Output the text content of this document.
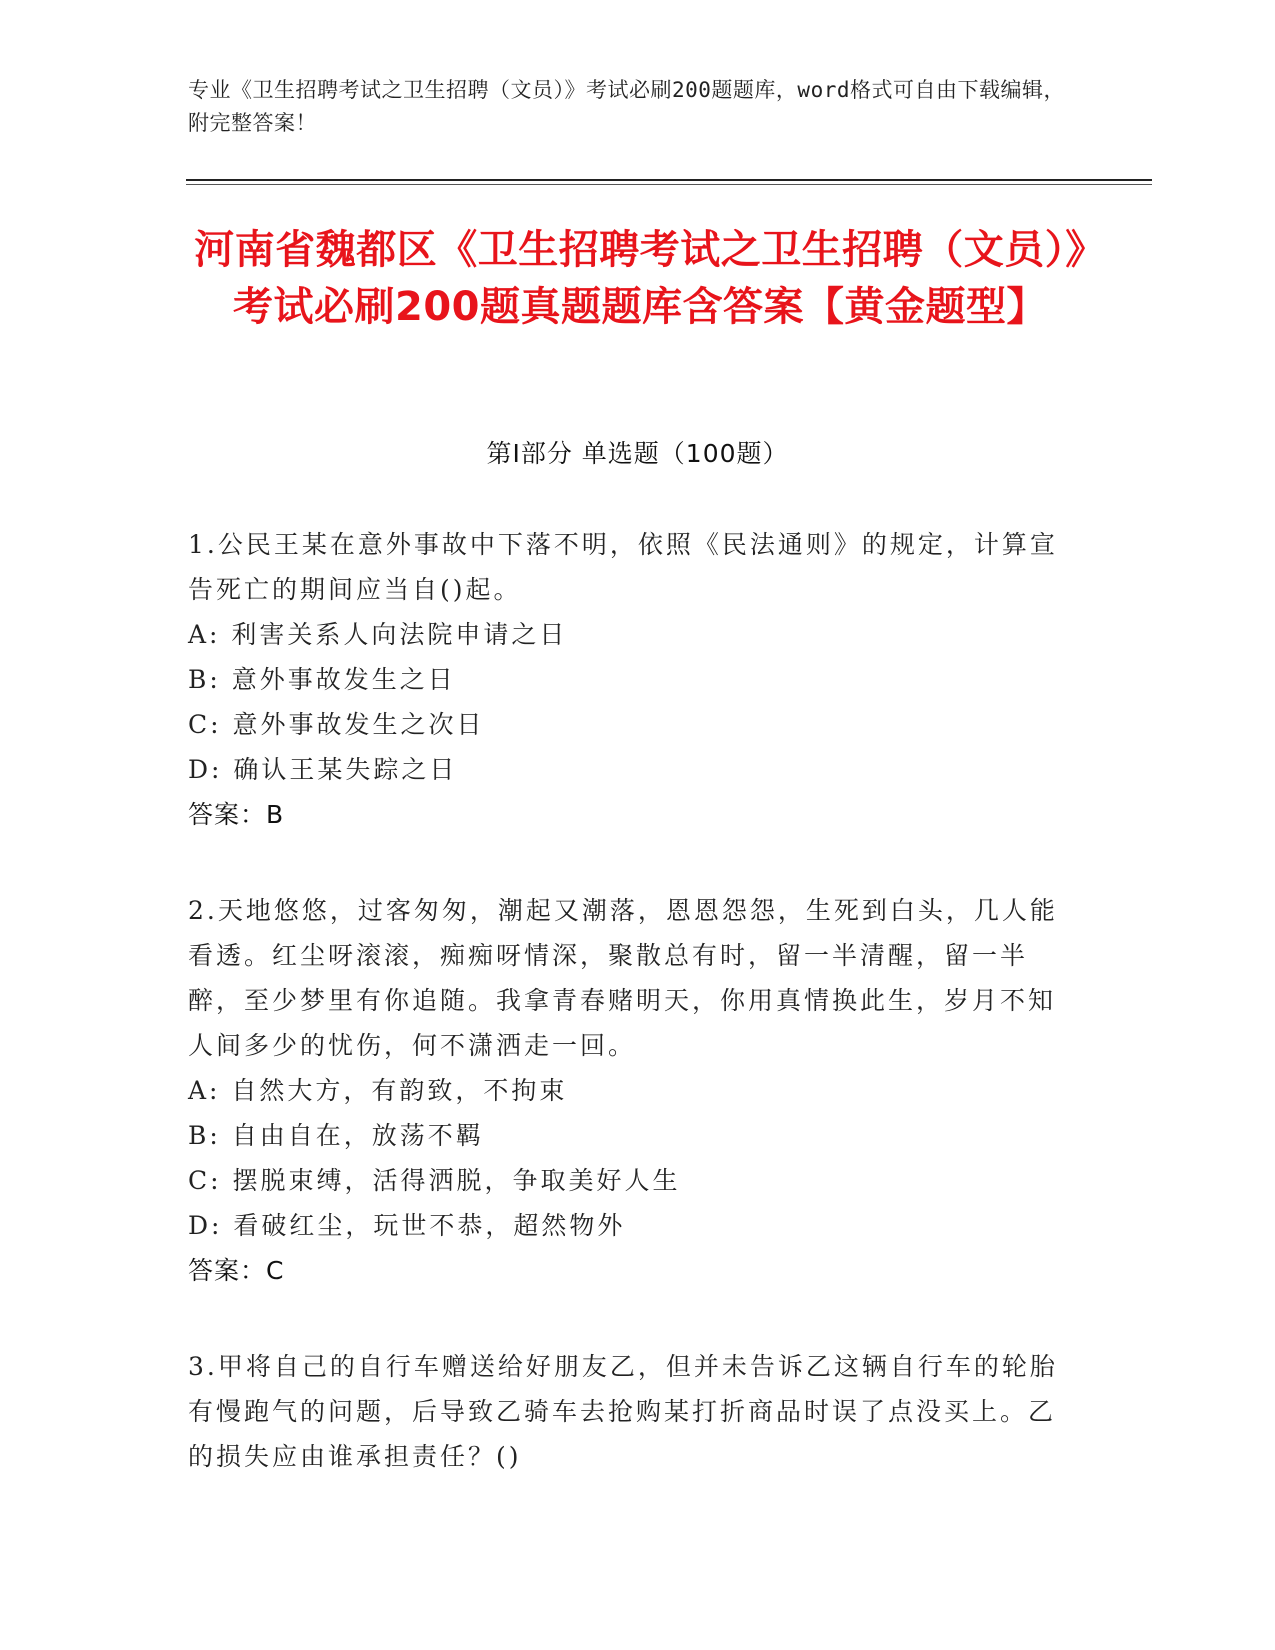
专业《卫生招聘考试之卫生招聘（文员）》考试必刷200题题库，word格式可自由下载编辑，附完整答案！
河南省魏都区《卫生招聘考试之卫生招聘（文员）》考试必刷200题真题题库含答案【黄金题型】
第Ⅰ部分 单选题（100题）

1.公民王某在意外事故中下落不明，依照《民法通则》的规定，计算宣告死亡的期间应当自()起。

A: 利害关系人向法院申请之日

B: 意外事故发生之日

C: 意外事故发生之次日

D: 确认王某失踪之日

答案：B

2.天地悠悠，过客匆匆，潮起又潮落，恩恩怨怨，生死到白头，几人能看透。红尘呀滚滚，痴痴呀情深，聚散总有时，留一半清醒，留一半醉，至少梦里有你追随。我拿青春赌明天，你用真情换此生，岁月不知人间多少的忧伤，何不潇洒走一回。

A: 自然大方，有韵致，不拘束

B: 自由自在，放荡不羁

C: 摆脱束缚，活得洒脱，争取美好人生

D: 看破红尘，玩世不恭，超然物外

答案：C

3.甲将自己的自行车赠送给好朋友乙，但并未告诉乙这辆自行车的轮胎有慢跑气的问题，后导致乙骑车去抢购某打折商品时误了点没买上。乙的损失应由谁承担责任？()
